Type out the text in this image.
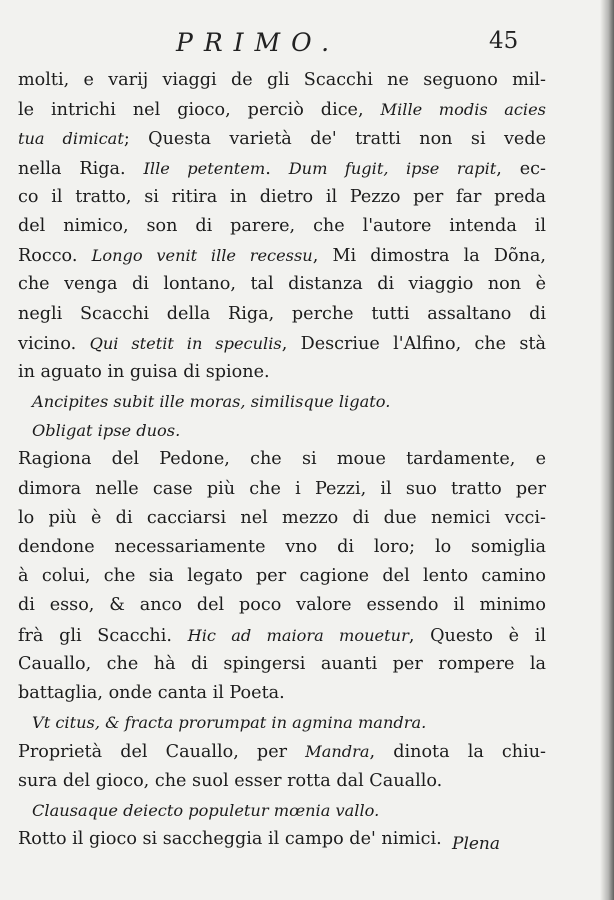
PRIMO.	45
molti, e varij viaggi de gli Scacchi ne seguono mil-
le intrichi nel gioco, perciò dice, Mille modis acies
tua dimicat; Questa varietà de' tratti non si vede
nella Riga. Ille petentem. Dum fugit, ipse rapit, ec-
co il tratto, si ritira in dietro il Pezzo per far preda
del nimico, son di parere, che l'autore intenda il
Rocco. Longo venit ille recessu, Mi dimostra la Dõna,
che venga di lontano, tal distanza di viaggio non è
negli Scacchi della Riga, perche tutti assaltano di
vicino. Qui stetit in speculis, Descriue l'Alfino, che stà
in aguato in guisa di spione.
Ancipites subit ille moras, similisque ligato.
Obligat ipse duos.
Ragiona del Pedone, che si moue tardamente, e
dimora nelle case più che i Pezzi, il suo tratto per
lo più è di cacciarsi nel mezzo di due nemici vcci-
dendone necessariamente vno di loro; lo somiglia
à colui, che sia legato per cagione del lento camino
di esso, & anco del poco valore essendo il minimo
frà gli Scacchi. Hic ad maiora mouetur, Questo è il
Cauallo, che hà di spingersi auanti per rompere la
battaglia, onde canta il Poeta.
Vt citus, & fracta prorumpat in agmina mandra.
Proprietà del Cauallo, per Mandra, dinota la chiu-
sura del gioco, che suol esser rotta dal Cauallo.
Clausaque deiecto populetur mœnia vallo.
Rotto il gioco si saccheggia il campo de' nimici. Plena
